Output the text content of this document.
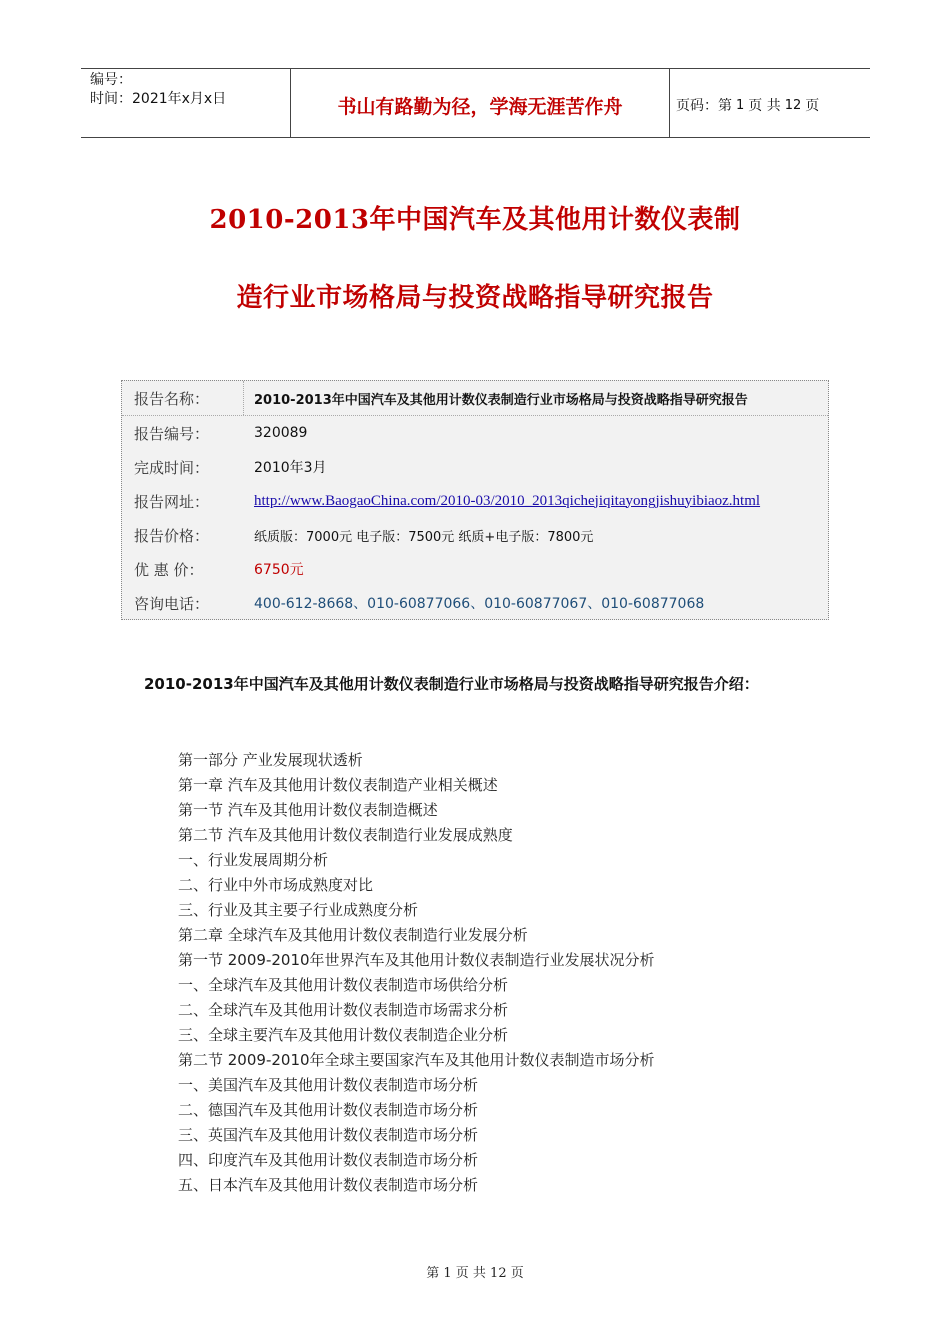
编号：
时间：2021年x月x日	书山有路勤为径，学海无涯苦作舟	页码：第 1 页 共 12 页
2010-2013年中国汽车及其他用计数仪表制
造行业市场格局与投资战略指导研究报告
报告名称：	2010-2013年中国汽车及其他用计数仪表制造行业市场格局与投资战略指导研究报告
报告编号：	320089
完成时间：	2010年3月
报告网址：	http://www.BaogaoChina.com/2010-03/2010_2013qichejiqitayongjishuyibiaoz.html
报告价格：	纸质版：7000元 电子版：7500元 纸质+电子版：7800元
优 惠 价：	6750元
咨询电话：	400-612-8668、010-60877066、010-60877067、010-60877068
2010-2013年中国汽车及其他用计数仪表制造行业市场格局与投资战略指导研究报告介绍：
第一部分 产业发展现状透析
第一章 汽车及其他用计数仪表制造产业相关概述
第一节 汽车及其他用计数仪表制造概述
第二节 汽车及其他用计数仪表制造行业发展成熟度
一、行业发展周期分析
二、行业中外市场成熟度对比
三、行业及其主要子行业成熟度分析
第二章 全球汽车及其他用计数仪表制造行业发展分析
第一节 2009-2010年世界汽车及其他用计数仪表制造行业发展状况分析
一、全球汽车及其他用计数仪表制造市场供给分析
二、全球汽车及其他用计数仪表制造市场需求分析
三、全球主要汽车及其他用计数仪表制造企业分析
第二节 2009-2010年全球主要国家汽车及其他用计数仪表制造市场分析
一、美国汽车及其他用计数仪表制造市场分析
二、德国汽车及其他用计数仪表制造市场分析
三、英国汽车及其他用计数仪表制造市场分析
四、印度汽车及其他用计数仪表制造市场分析
五、日本汽车及其他用计数仪表制造市场分析
第 1 页 共 12 页
